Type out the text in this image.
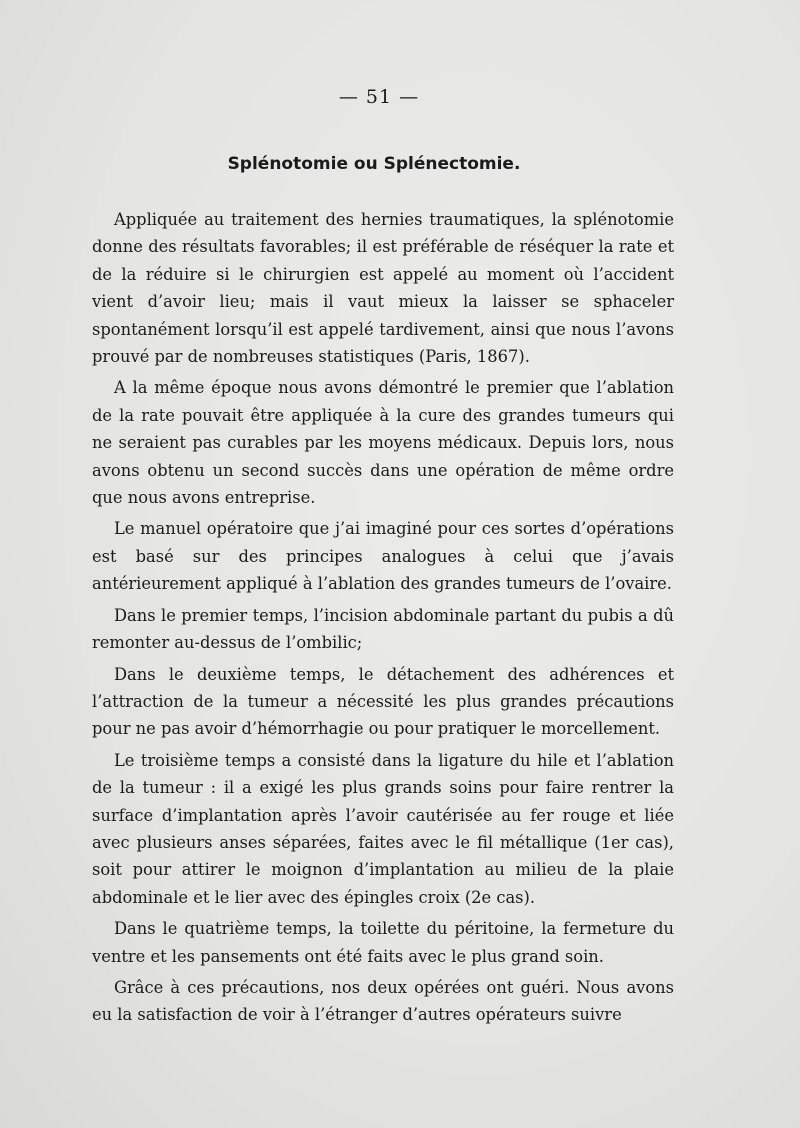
— 51 —
Splénotomie ou Splénectomie.

Appliquée au traitement des hernies traumatiques, la splénotomie donne des résultats favorables; il est préférable de réséquer la rate et de la réduire si le chirurgien est appelé au moment où l’accident vient d’avoir lieu; mais il vaut mieux la laisser se sphaceler spontanément lorsqu’il est appelé tardivement, ainsi que nous l’avons prouvé par de nombreuses statistiques (Paris, 1867).

A la même époque nous avons démontré le premier que l’ablation de la rate pouvait être appliquée à la cure des grandes tumeurs qui ne seraient pas curables par les moyens médicaux. Depuis lors, nous avons obtenu un second succès dans une opération de même ordre que nous avons entreprise.

Le manuel opératoire que j’ai imaginé pour ces sortes d’opérations est basé sur des principes analogues à celui que j’avais antérieurement appliqué à l’ablation des grandes tumeurs de l’ovaire.

Dans le premier temps, l’incision abdominale partant du pubis a dû remonter au-dessus de l’ombilic;

Dans le deuxième temps, le détachement des adhérences et l’attraction de la tumeur a nécessité les plus grandes précautions pour ne pas avoir d’hémorrhagie ou pour pratiquer le morcellement.

Le troisième temps a consisté dans la ligature du hile et l’ablation de la tumeur : il a exigé les plus grands soins pour faire rentrer la surface d’implantation après l’avoir cautérisée au fer rouge et liée avec plusieurs anses séparées, faites avec le fil métallique (1er cas), soit pour attirer le moignon d’implantation au milieu de la plaie abdominale et le lier avec des épingles croix (2e cas).

Dans le quatrième temps, la toilette du péritoine, la fermeture du ventre et les pansements ont été faits avec le plus grand soin.

Grâce à ces précautions, nos deux opérées ont guéri. Nous avons eu la satisfaction de voir à l’étranger d’autres opérateurs suivre
